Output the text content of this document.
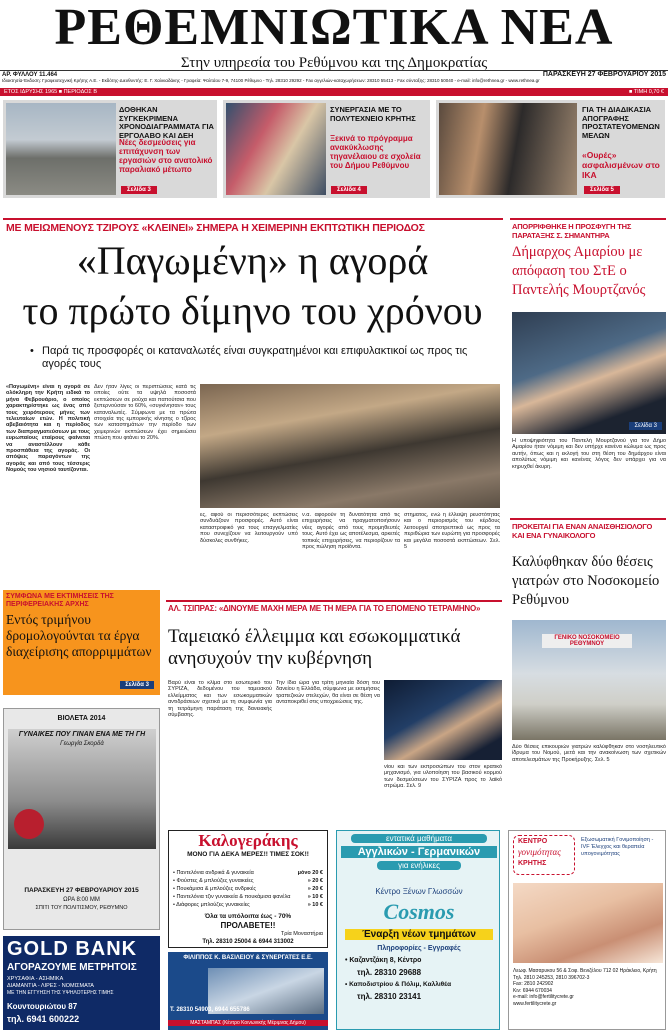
ΡΕΘΕΜΝΙΩΤΙΚΑ ΝΕΑ
Στην υπηρεσία του Ρεθύμνου και της Δημοκρατίας
ΑΡ. ΦΥΛΛΟΥ 11.464	ΠΑΡΑΣΚΕΥΗ 27 ΦΕΒΡΟΥΑΡΙΟΥ 2015
Ιδιοκτησία-Έκδοση: Γραφειοτεχνική Κρήτης Α.Ε. - Εκδότης-Διευθυντής: Ε. Γ. Χαλκιαδάκης - Γραφεία: Ψαλτάου 7-9, 74100 Ρέθυμνο - Τηλ. 28310 29292 - Fax αγγελιών-καταχωρήσεων: 28310 55413 - Fax σύνταξης: 28310 50040 - e-mail: info@rethnea.gr - www.rethnea.gr
ΕΤΟΣ ΙΔΡΥΣΗΣ 1965 ■ ΠΕΡΙΟΔΟΣ Β	■ ΤΙΜΗ 0,70 €
ΔΟΘΗΚΑΝ ΣΥΓΚΕΚΡΙΜΕΝΑ ΧΡΟΝΟΔΙΑΓΡΑΜΜΑΤΑ ΓΙΑ ΕΡΓΟΛΑΒΟ ΚΑΙ ΔΕΗ
Νέες δεσμεύσεις για επιτάχυνση των εργασιών στο ανατολικό παραλιακό μέτωπο
Σελίδα 3
ΣΥΝΕΡΓΑΣΙΑ ΜΕ ΤΟ ΠΟΛΥΤΕΧΝΕΙΟ ΚΡΗΤΗΣ
Ξεκινά το πρόγραμμα ανακύκλωσης τηγανέλαιου σε σχολεία του Δήμου Ρεθύμνου
Σελίδα 4
ΓΙΑ ΤΗ ΔΙΑΔΙΚΑΣΙΑ ΑΠΟΓΡΑΦΗΣ ΠΡΟΣΤΑΤΕΥΟΜΕΝΩΝ ΜΕΛΩΝ
«Ουρές» ασφαλισμένων στο ΙΚΑ
Σελίδα 5
ΜΕ ΜΕΙΩΜΕΝΟΥΣ ΤΖΙΡΟΥΣ «ΚΛΕΙΝΕΙ» ΣΗΜΕΡΑ Η ΧΕΙΜΕΡΙΝΗ ΕΚΠΤΩΤΙΚΗ ΠΕΡΙΟΔΟΣ
«Παγωμένη» η αγορά
το πρώτο δίμηνο του χρόνου
• Παρά τις προσφορές οι καταναλωτές είναι συγκρατημένοι και επιφυλακτικοί ως προς τις αγορές τους
«Παγωμένη» είναι η αγορά σε ολόκληρη την Κρήτη ειδικά το μήνα Φεβρουάριο, ο οποίος χαρακτηρίστηκε ως ένας από τους χειρότερους μήνες των τελευταίων ετών. Η πολιτική αβεβαιότητα και η περίοδος των διαπραγματεύσεων με τους ευρωπαίους εταίρους φαίνεται να αναστέλλουν κάθε προσπάθεια της αγοράς. Οι απόψεις παραγόντων της αγοράς και από τους τέσσερις Νομούς του νησιού ταυτίζονται.
Δεν ήταν λίγες οι περιπτώσεις κατά τις οποίες ούτε τα υψηλά ποσοστά εκπτώσεων σε ρούχα και παπούτσια που ξεπερνούσαν το 60%, «συγκίνησαν» τους καταναλωτές. Σύμφωνα με τα πρώτα στοιχεία της εμπορικής κίνησης ο τζίρος των καταστημάτων την περίοδο των χειμερινών εκπτώσεων έχει σημειώσει πτώση που φτάνει το 20%.
ες, αφού οι περισσότερες εκπτώσεις συνδυάζουν προσφορές. Αυτό είναι καταστροφικό για τους επαγγελματίες που συνεχίζουν να λειτουργούν υπό δύσκολες συνθήκες.
ν.α. αφορούν τη δυνατότητα από τις επιχειρήσεις να πραγματοποιήσουν νέες αγορές από τους προμηθευτές τους. Αυτό έχει ως αποτέλεσμα, αρκετές τοπικές επιχειρήσεις, να περιορίζουν τα προς πώληση προϊόντα.
στηματος, ενώ η έλλειψη ρευστότητας και ο περιορισμός του κέρδους λειτουργεί αποτρεπτικά ως προς τα περιθώρια των ευρώπη για προσφορές και μεγάλα ποσοστά εκπτώσεων. Σελ. 5
ΑΠΟΡΡΙΦΘΗΚΕ Η ΠΡΟΣΦΥΓΗ ΤΗΣ ΠΑΡΑΤΑΞΗΣ Σ. ΣΗΜΑΝΤΗΡΑ
Δήμαρχος Αμαρίου με απόφαση του ΣτΕ ο Παντελής Μουρτζανός
Σελίδα 3
Η υποψηφιότητα του Παντελή Μουρτζανού για τον Δήμο Αμαρίου ήταν νόμιμη και δεν υπήρχε κανένα κώλυμα ως προς αυτήν, όπως και η εκλογή του στη θέση του δημάρχου είναι απολύτως νόμιμη και κανένας λόγος δεν υπάρχει για να κηρυχθεί άκυρη.
ΠΡΟΚΕΙΤΑΙ ΓΙΑ ΕΝΑΝ ΑΝΑΙΣΘΗΣΙΟΛΟΓΟ ΚΑΙ ΕΝΑ ΓΥΝΑΙΚΟΛΟΓΟ
Καλύφθηκαν δύο θέσεις γιατρών στο Νοσοκομείο Ρεθύμνου
ΓΕΝΙΚΟ ΝΟΣΟΚΟΜΕΙΟ ΡΕΘΥΜΝΟΥ
Δύο θέσεις επικουριών γιατρών καλύφθηκαν στο νοσηλευτικό ίδρυμα του Νομού, μετά και την ανακοίνωση των σχετικών αποτελεσμάτων της Προκήρυξης. Σελ. 5
ΣΥΜΦΩΝΑ ΜΕ ΕΚΤΙΜΗΣΕΙΣ ΤΗΣ ΠΕΡΙΦΕΡΕΙΑΚΗΣ ΑΡΧΗΣ
Εντός τριμήνου δρομολογούνται τα έργα διαχείρισης απορριμμάτων
Σελίδα 3
ΑΛ. ΤΣΙΠΡΑΣ: «ΔΙΝΟΥΜΕ ΜΑΧΗ ΜΕΡΑ ΜΕ ΤΗ ΜΕΡΑ ΓΙΑ ΤΟ ΕΠΟΜΕΝΟ ΤΕΤΡΑΜΗΝΟ»
Ταμειακό έλλειμμα και εσωκομματικά ανησυχούν την κυβέρνηση
Βαρύ είναι το κλίμα στο εσωτερικό του ΣΥΡΙΖΑ, δεδομένου του ταμειακού ελλείμματος και των εσωκομματικών αντιδράσεων σχετικά με τη συμφωνία για τη τετράμηνη παράταση της δανειακής σύμβασης.
Την ίδια ώρα για τρίτη μηνιαία δόση του δανείου η Ελλάδα, σύμφωνα με εκτιμήσεις τραπεζικών στελεχών, θα είναι σε θέση να ανταποκριθεί στις υποχρεώσεις της.
νίου και των εκπροσώπων του στον κρατικό μηχανισμό, για υλοποίηση του βασικού κορμού των δεσμεύσεων του ΣΥΡΙΖΑ προς το λαϊκό στρώμα. Σελ. 9
ΒΙΟΛΕΤΑ 2014
ΓΥΝΑΙΚΕΣ ΠΟΥ ΓΙΝΑΝ ΕΝΑ ΜΕ ΤΗ ΓΗ
Γεωργία Σκορδά
ΠΑΡΑΣΚΕΥΗ 27 ΦΕΒΡΟΥΑΡΙΟΥ 2015
ΩΡΑ 8:00 ΜΜ
ΣΠΙΤΙ ΤΟΥ ΠΟΛΙΤΙΣΜΟΥ, ΡΕΘΥΜΝΟ
GOLD BANK
ΑΓΟΡΑΖΟΥΜΕ ΜΕΤΡΗΤΟΙΣ
ΧΡΥΣΑΦΙΑ - ΑΣΗΜΙΚΑ
ΔΙΑΜΑΝΤΙΑ - ΛΙΡΕΣ - ΝΟΜΙΣΜΑΤΑ
ΜΕ ΤΗΝ ΕΓΓΥΗΣΗ ΤΗΣ ΥΨΗΛΟΤΕΡΗΣ ΤΙΜΗΣ
Κουντουριώτου 87
τηλ. 6941 600222
Καλογεράκης
ΜΟΝΟ ΓΙΑ ΔΕΚΑ ΜΕΡΕΣ!! ΤΙΜΕΣ ΣΟΚ!!
• Παντελόνια ανδρικά & γυναικεία	μόνο 20 €
• Φούστες & μπλούζες γυναικείες	» 20 €
• Πουκάμισα & μπλούζες ανδρικές	» 20 €
• Παντελόνια τζιν γυναικεία & πουκάμισα φανέλα	» 10 €
• Διάφορες μπλούζες γυναικείες	» 10 €
Όλα τα υπόλοιπα έως - 70%
ΠΡΟΛΑΒΕΤΕ!!
Τρία Μοναστήρια
Τηλ. 28310 25004 & 6944 313002
ΦΙΛΙΠΠΟΣ Κ. ΒΑΣΙΛΕΙΟΥ & ΣΥΝΕΡΓΑΤΕΣ Ε.Ε.
Τ. 28310 54903, 6944 655786
ΜΑΣΤΑΜΠΑΣ (Κέντρο Κοινωνικής Μέριμνας Δήμου)
εντατικά μαθήματα
Αγγλικών - Γερμανικών
για ενήλικες
Κέντρο Ξένων Γλωσσών
Cosmos
Έναρξη νέων τμημάτων
Πληροφορίες - Εγγραφές
• Καζαντζάκη 8, Κέντρο
τηλ. 28310 29688
• Καποδιστρίου & Πόλιμ, Καλλιθέα
τηλ. 28310 23141
ΚΕΝΤΡΟ
γονιμότητας
ΚΡΗΤΗΣ
Εξωσωματική Γονιμοποίηση - IVF Έλεγχος και θεραπεία υπογονιμότητας
Λεωφ. Μασαρυκου 56 & Σοφ. Βενιζέλου 712 02 Ηράκλειο, Κρήτη
Τηλ. 2810 245253, 2810 396702-3
Fax: 2810 242902
Κιν: 6944 670034
e-mail: info@fertilitycrete.gr
www.fertilitycrete.gr
